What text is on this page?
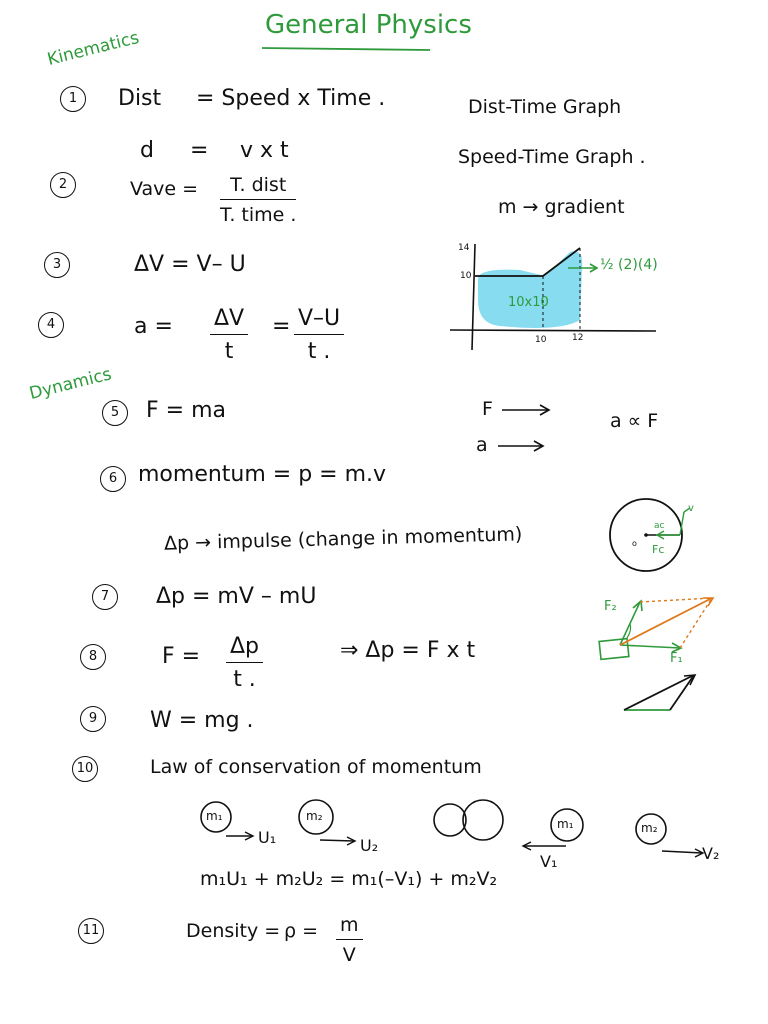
General Physics
Kinematics
Dynamics
1
2
3
4
5
6
7
8
9
10
11
Dist = Speed x Time .
d = v x t
Vave =	T. dist
T. time .
ΔV = V– U
$a = \frac{\Delta V}{t} = \frac{V-U}{t .}$
F = ma
momentum = p = m.v
Δp → impulse (change in momentum)
Δp = mV – mU
$F = \frac{\Delta p}{t .}$	⇒ Δp = F x t
W = mg .
Law of conservation of momentum
m₁U₁ + m₂U₂ = m₁(–V₁) + m₂V₂
Density = $\rho = \frac{m}{V}$
Dist-Time Graph
Speed-Time Graph .
m → gradient
14
10
10	12
10x10
½ (2)(4)
F
a
a ∝ F
v
ac
Fc
o
F₂
F₁
m₁
U₁
m₂
U₂
m₁
V₁
m₂
V₂
